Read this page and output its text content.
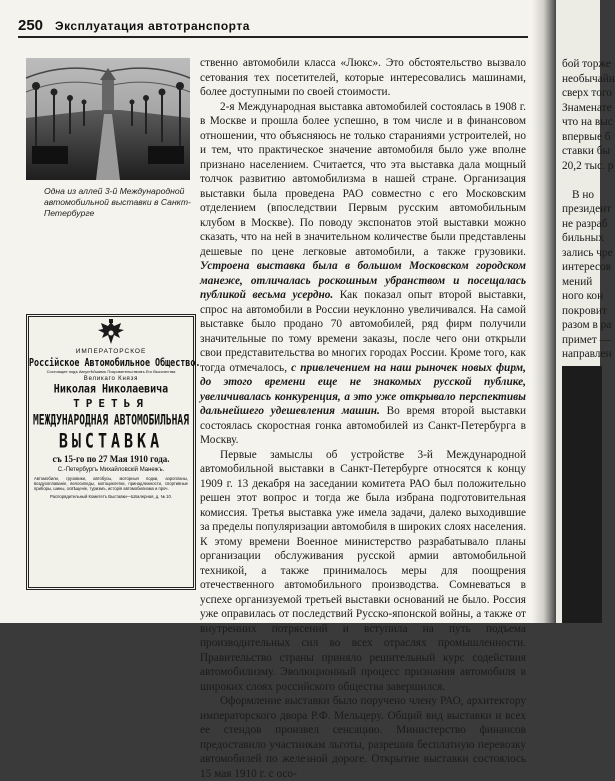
250 Эксплуатация автотранспорта

Одна из аллей 3-й Международной автомобильной выставки в Санкт-Петербурге

ИМПЕРАТОРСКОЕ
Россійское Автомобильное Общество.
Состоящее подъ Августѣйшимъ Покровительствомъ Его Высочества
Великаго Князя
Николая Николаевича
ТРЕТЬЯ
МЕЖДУНАРОДНАЯ АВТОМОБИЛЬНАЯ
ВЫСТАВКА
съ 15-го по 27 Мая 1910 года.
С.-Петербургъ Михайловскій Манежъ.
Автомобили, грузовики, автобусы, моторныя лодки, аэропланы, воздухоплаванiе, велосипеды, мотоциклетки, принадлежности, спортивные приборы, шины, освѣщенiе, туризмъ, исторiя автомобилизма и проч.
Распорядительный Комитетъ Выставки—Шпалерная, д. № 10.

ственно автомобили класса «Люкс». Это обстоятельство вызвало сетования тех посетителей, которые интересовались машинами, более доступными по своей стоимости.

2-я Международная выставка автомобилей состоялась в 1908 г. в Москве и прошла более успешно, в том числе и в финансовом отношении, что объясняюсь не только стараниями устроителей, но и тем, что практическое значение автомобиля было уже вполне признано населением. Считается, что эта выставка дала мощный толчок развитию автомобилизма в нашей стране. Организация выставки была проведена РАО совместно с его Московским отделением (впоследствии Первым русским автомобильным клубом в Москве). По поводу экспонатов этой выставки можно сказать, что на ней в значительном количестве были представлены дешевые по цене легковые автомобили, а также грузовики. Устроена выставка была в большом Московском городском манеже, отличалась роскошным убранством и посещалась публикой весьма усердно. Как показал опыт второй выставки, спрос на автомобили в России неуклонно увеличивался. На самой выставке было продано 70 автомобилей, ряд фирм получили значительные по тому времени заказы, после чего они открыли свои представительства во многих городах России. Кроме того, как тогда отмечалось, с привлечением на наш рыночек новых фирм, до этого времени еще не знакомых русской публике, увеличивалась конкуренция, а это уже открывало перспективы дальнейшего удешевления машин. Во время второй выставки состоялась скоростная гонка автомобилей из Санкт-Петербурга в Москву.

Первые замыслы об устройстве 3-й Международной автомобильной выставки в Санкт-Петербурге относятся к концу 1909 г. 13 декабря на заседании комитета РАО был положительно решен этот вопрос и тогда же была избрана подготовительная комиссия. Третья выставка уже имела задачи, далеко выходившие за пределы популяризации автомобиля в широких слоях населения. К этому времени Военное министерство разрабатывало планы организации обслуживания русской армии автомобильной техникой, а также принималось меры для поощрения отечественного автомобильного производства. Сомневаться в успехе организуемой третьей выставки оснований не было. Россия уже оправилась от последствий Русско-японской войны, а также от внутренних потрясений и вступила на путь подъема производительных сил во всех отраслях промышленности. Правительство страны приняло решительный курс содействия автомобилизму. Эволюционный процесс признания автомобиля в широких слоях российского общества завершился.

Оформление выставки было поручено члену РАО, архитектору императорского двора Р.Ф. Мельцеру. Общий вид выставки и всех ее стендов произвел сенсацию. Министерство финансов предоставило участникам льготы, разрешив бесплатную перевозку автомобилей по железной дороге. Открытие выставки состоялось 15 мая 1910 г. с осо-

бой торже
необычайн
сверх того
Знаменатe
что на выс
впервые б
ставки бы
20,2 тыс. р
В но
президент
не разраб
бильных
зались чре
интересов
мений
ного кон
покровит
разом в ра
примет —
направлен
